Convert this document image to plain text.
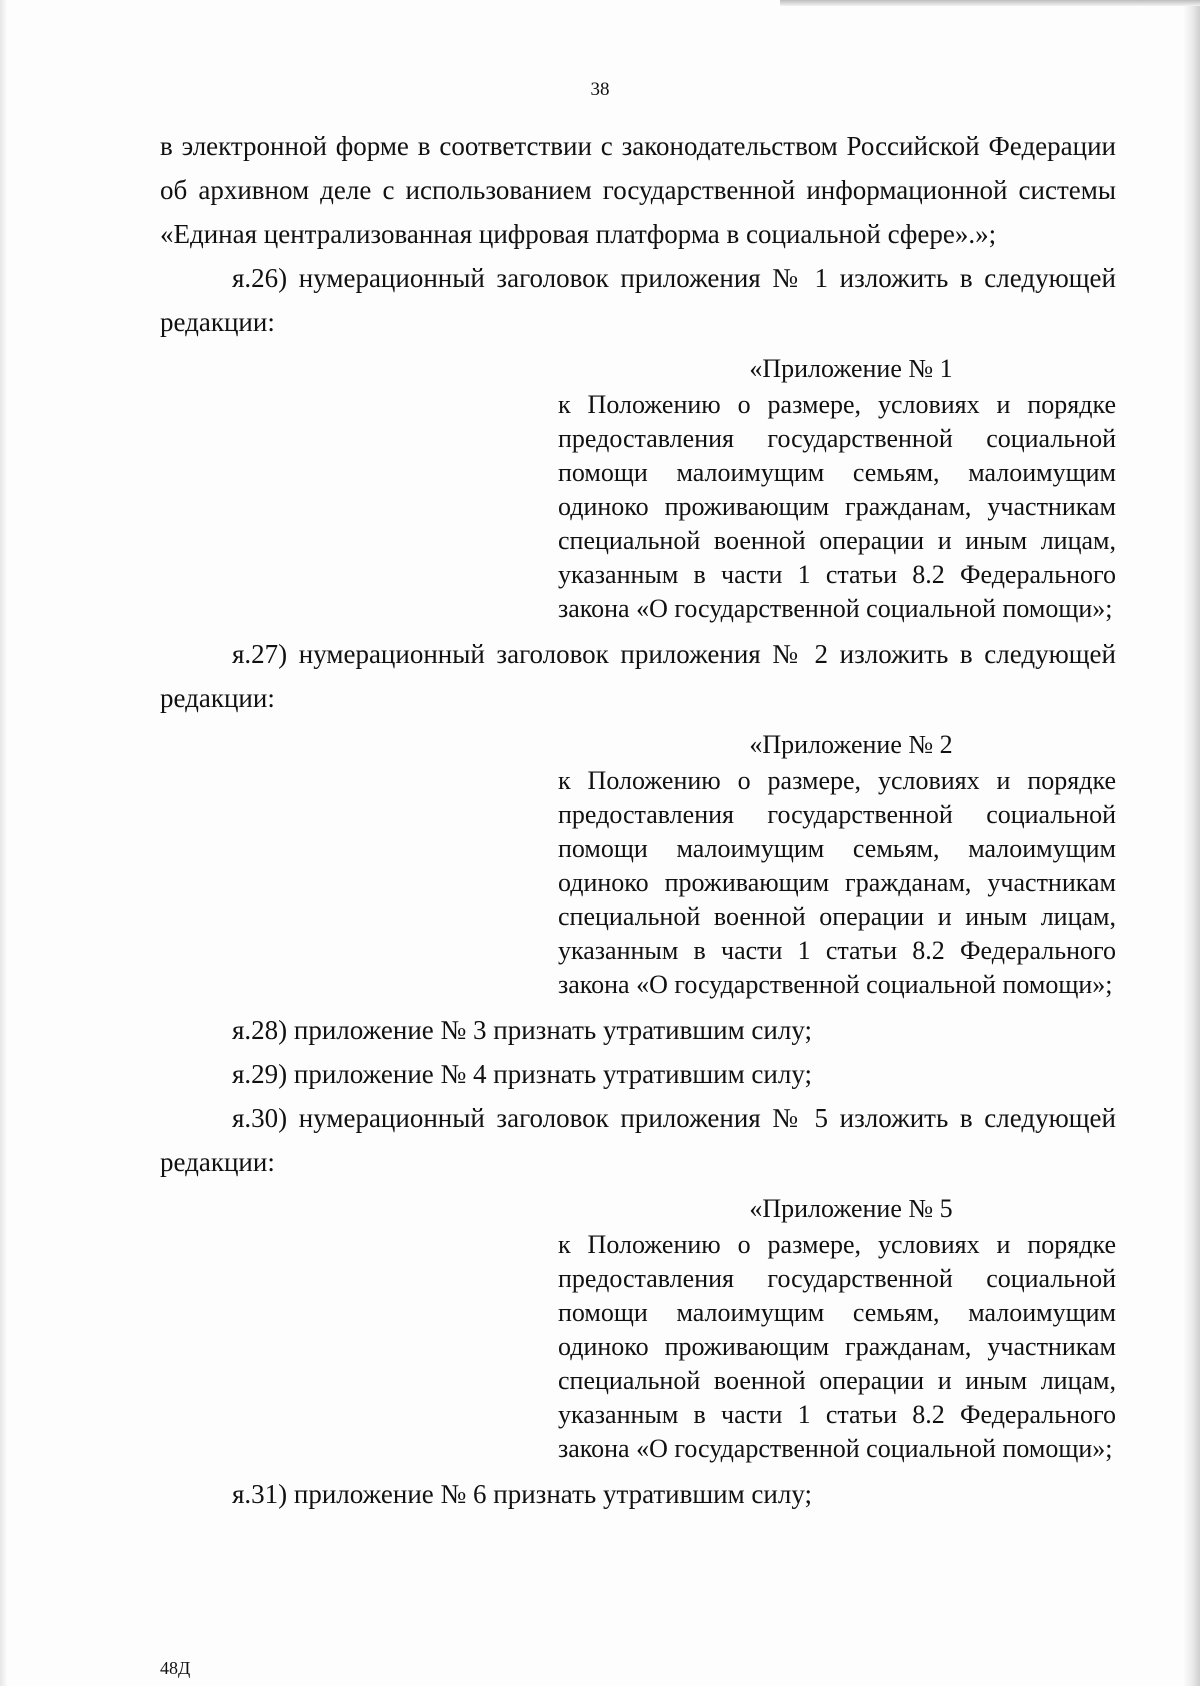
38

в электронной форме в соответствии с законодательством Российской Федерации об архивном деле с использованием государственной информационной системы «Единая централизованная цифровая платформа в социальной сфере».»;

я.26) нумерационный заголовок приложения № 1 изложить в следующей редакции:

«Приложение № 1
к Положению о размере, условиях и порядке предоставления государственной социальной помощи малоимущим семьям, малоимущим одиноко проживающим гражданам, участникам специальной военной операции и иным лицам, указанным в части 1 статьи 8.2 Федерального закона «О государственной социальной помощи»;

я.27) нумерационный заголовок приложения № 2 изложить в следующей редакции:

«Приложение № 2
к Положению о размере, условиях и порядке предоставления государственной социальной помощи малоимущим семьям, малоимущим одиноко проживающим гражданам, участникам специальной военной операции и иным лицам, указанным в части 1 статьи 8.2 Федерального закона «О государственной социальной помощи»;

я.28) приложение № 3 признать утратившим силу;

я.29) приложение № 4 признать утратившим силу;

я.30) нумерационный заголовок приложения № 5 изложить в следующей редакции:

«Приложение № 5
к Положению о размере, условиях и порядке предоставления государственной социальной помощи малоимущим семьям, малоимущим одиноко проживающим гражданам, участникам специальной военной операции и иным лицам, указанным в части 1 статьи 8.2 Федерального закона «О государственной социальной помощи»;

я.31) приложение № 6 признать утратившим силу;

48Д
